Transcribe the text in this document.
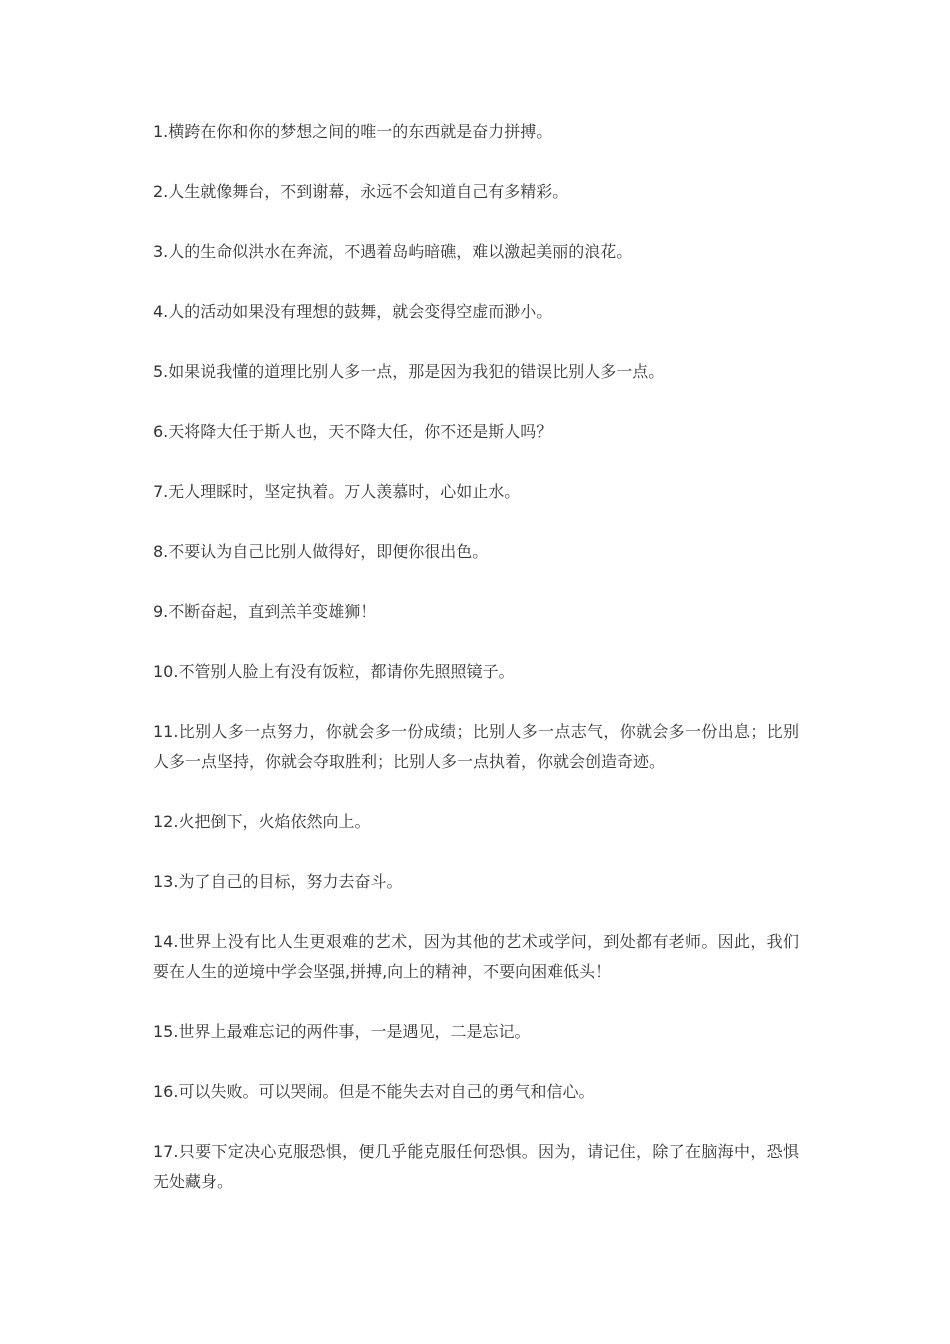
1.横跨在你和你的梦想之间的唯一的东西就是奋力拼搏。

2.人生就像舞台，不到谢幕，永远不会知道自己有多精彩。

3.人的生命似洪水在奔流，不遇着岛屿暗礁，难以激起美丽的浪花。

4.人的活动如果没有理想的鼓舞，就会变得空虚而渺小。

5.如果说我懂的道理比别人多一点，那是因为我犯的错误比别人多一点。

6.天将降大任于斯人也，天不降大任，你不还是斯人吗？

7.无人理睬时，坚定执着。万人羡慕时，心如止水。

8.不要认为自己比别人做得好，即便你很出色。

9.不断奋起，直到羔羊变雄狮！

10.不管别人脸上有没有饭粒，都请你先照照镜子。

11.比别人多一点努力，你就会多一份成绩；比别人多一点志气，你就会多一份出息；比别人多一点坚持，你就会夺取胜利；比别人多一点执着，你就会创造奇迹。

12.火把倒下，火焰依然向上。

13.为了自己的目标，努力去奋斗。

14.世界上没有比人生更艰难的艺术，因为其他的艺术或学问，到处都有老师。因此，我们要在人生的逆境中学会坚强,拼搏,向上的精神，不要向困难低头！

15.世界上最难忘记的两件事，一是遇见，二是忘记。

16.可以失败。可以哭闹。但是不能失去对自己的勇气和信心。

17.只要下定决心克服恐惧，便几乎能克服任何恐惧。因为，请记住，除了在脑海中，恐惧无处藏身。
